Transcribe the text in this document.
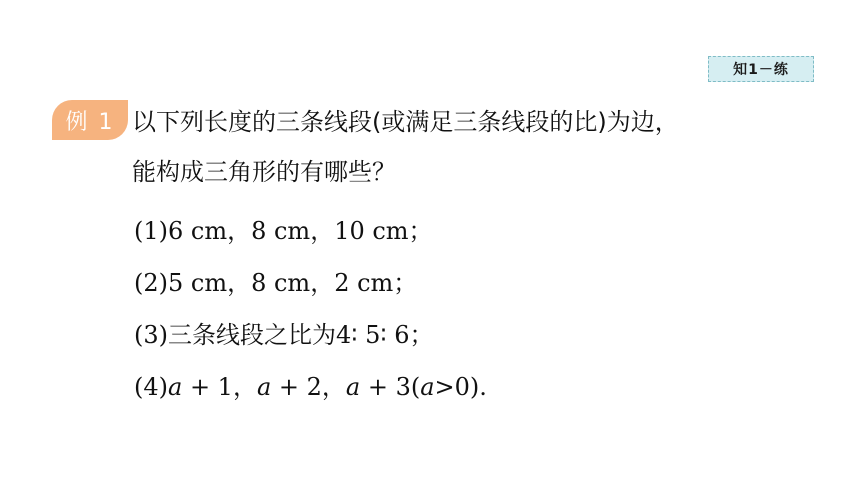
知1－练
例 1 以下列长度的三条线段(或满足三条线段的比)为边，
能构成三角形的有哪些？
(1)6 cm，8 cm，10 cm；
(2)5 cm，8 cm，2 cm；
(3)三条线段之比为4∶ 5∶ 6；
(4)a + 1，a + 2，a + 3(a>0).
